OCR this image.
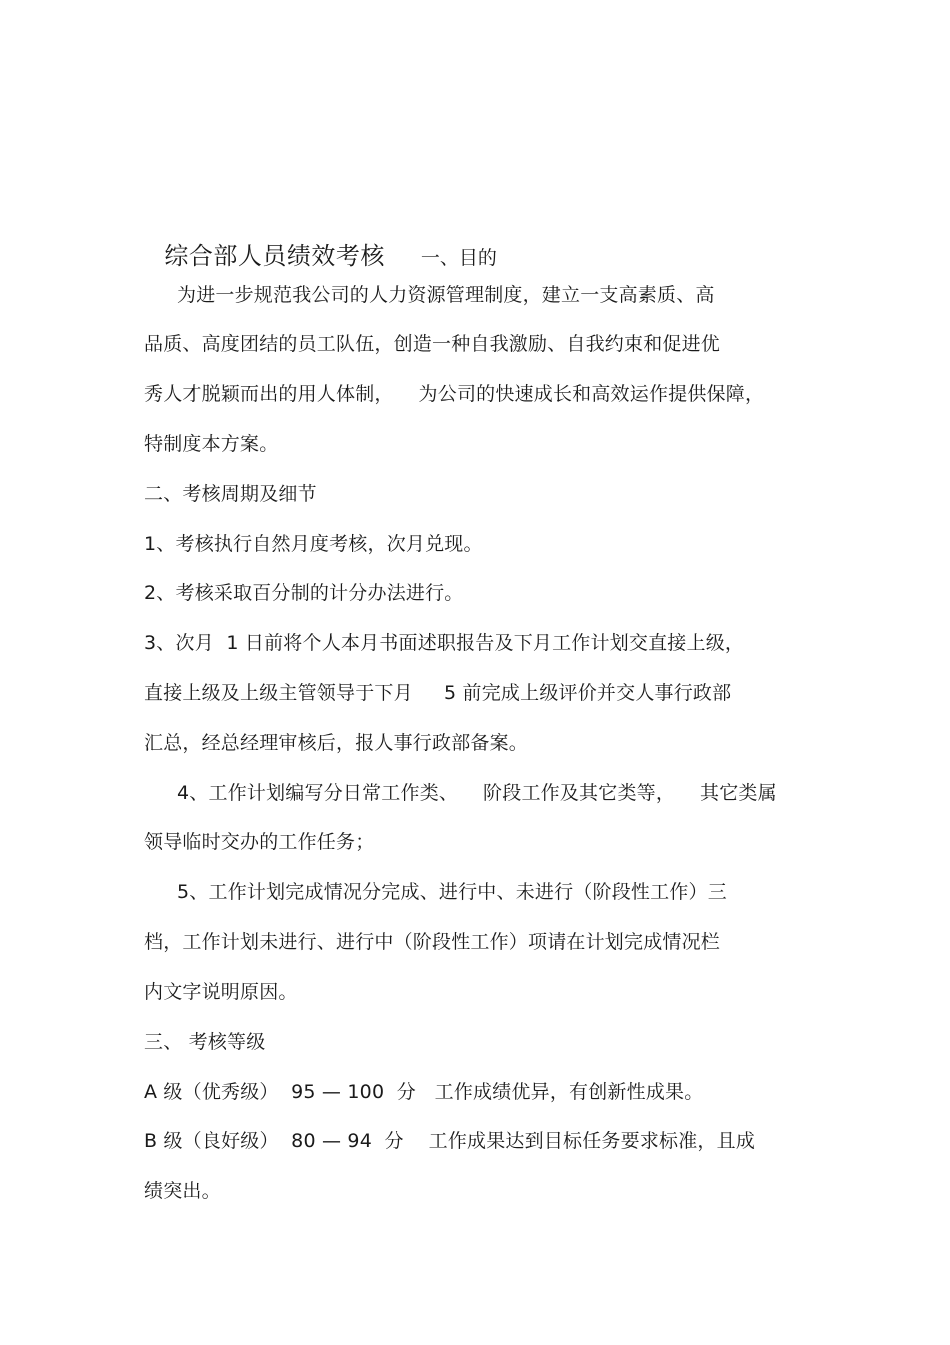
综合部人员绩效考核 一、目的

为进一步规范我公司的人力资源管理制度，建立一支高素质、高
品质、高度团结的员工队伍，创造一种自我激励、自我约束和促进优
秀人才脱颖而出的用人体制，    为公司的快速成长和高效运作提供保障，
特制度本方案。
二、考核周期及细节
1、考核执行自然月度考核，次月兑现。
2、考核采取百分制的计分办法进行。
3、次月  1 日前将个人本月书面述职报告及下月工作计划交直接上级，
直接上级及上级主管领导于下月     5 前完成上级评价并交人事行政部
汇总，经总经理审核后，报人事行政部备案。
4、工作计划编写分日常工作类、    阶段工作及其它类等，    其它类属
领导临时交办的工作任务；
5、工作计划完成情况分完成、进行中、未进行（阶段性工作）三
档，工作计划未进行、进行中（阶段性工作）项请在计划完成情况栏
内文字说明原因。
三、 考核等级
A 级（优秀级）  95 — 100  分   工作成绩优异，有创新性成果。
B 级（良好级）  80 — 94  分    工作成果达到目标任务要求标准，且成
绩突出。
